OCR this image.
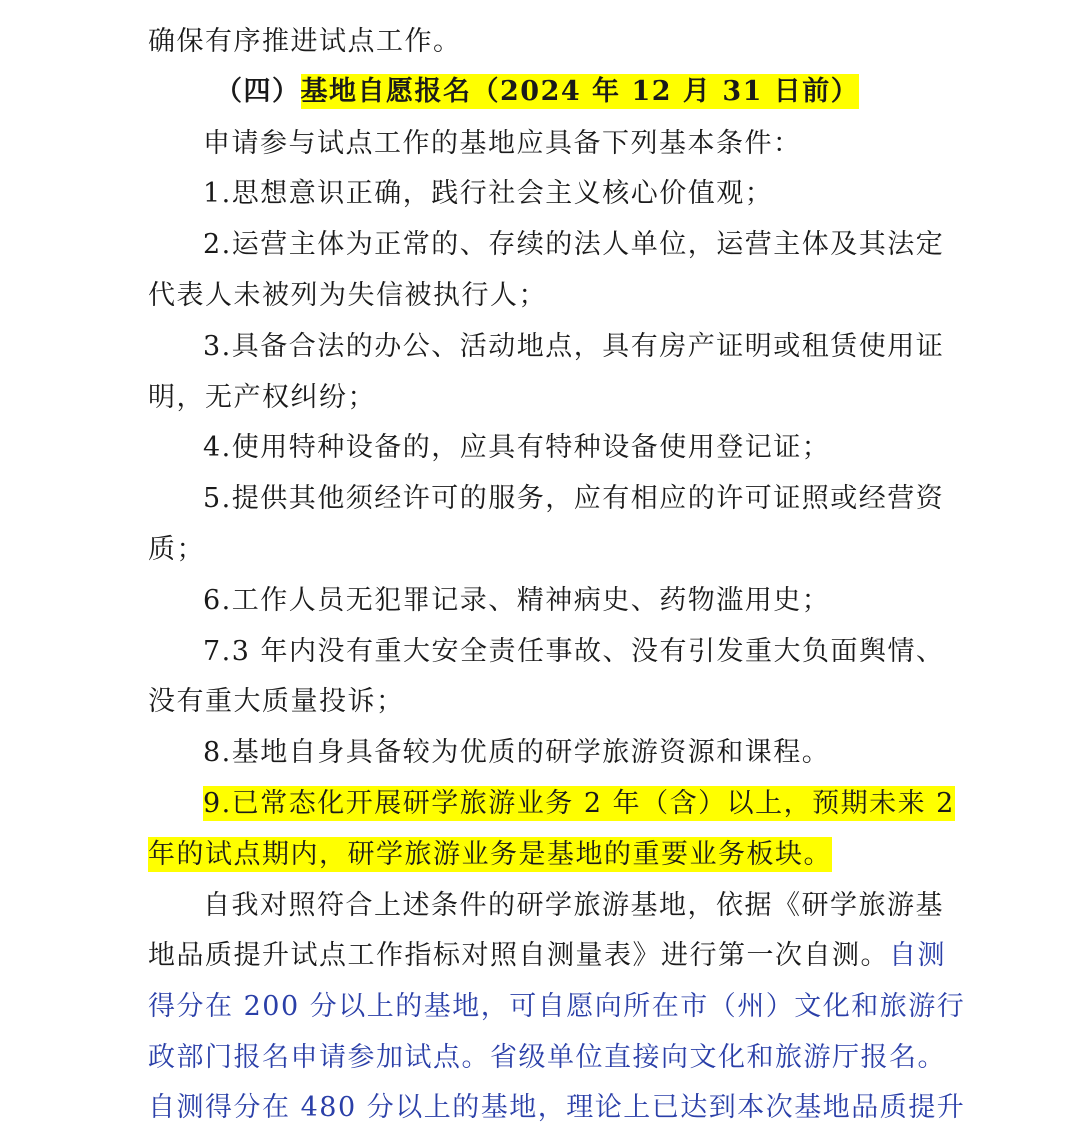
确保有序推进试点工作。
（四）基地自愿报名（2024 年 12 月 31 日前）
申请参与试点工作的基地应具备下列基本条件：
1.思想意识正确，践行社会主义核心价值观；
2.运营主体为正常的、存续的法人单位，运营主体及其法定
代表人未被列为失信被执行人；
3.具备合法的办公、活动地点，具有房产证明或租赁使用证
明，无产权纠纷；
4.使用特种设备的，应具有特种设备使用登记证；
5.提供其他须经许可的服务，应有相应的许可证照或经营资
质；
6.工作人员无犯罪记录、精神病史、药物滥用史；
7.3 年内没有重大安全责任事故、没有引发重大负面舆情、
没有重大质量投诉；
8.基地自身具备较为优质的研学旅游资源和课程。
9.已常态化开展研学旅游业务 2 年（含）以上，预期未来 2
年的试点期内，研学旅游业务是基地的重要业务板块。
自我对照符合上述条件的研学旅游基地，依据《研学旅游基
地品质提升试点工作指标对照自测量表》进行第一次自测。自测
得分在 200 分以上的基地，可自愿向所在市（州）文化和旅游行
政部门报名申请参加试点。省级单位直接向文化和旅游厅报名。
自测得分在 480 分以上的基地，理论上已达到本次基地品质提升
